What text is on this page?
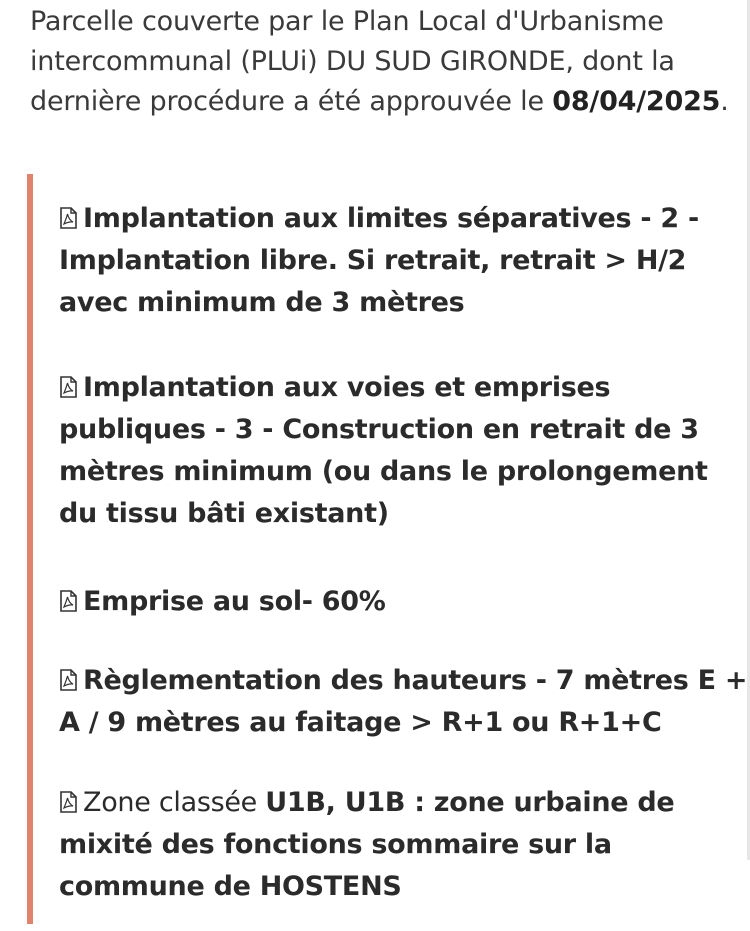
Parcelle couverte par le Plan Local d'Urbanisme intercommunal (PLUi) DU SUD GIRONDE, dont la dernière procédure a été approuvée le 08/04/2025.
Implantation aux limites séparatives - 2 - Implantation libre. Si retrait, retrait > H/2 avec minimum de 3 mètres
Implantation aux voies et emprises publiques - 3 - Construction en retrait de 3 mètres minimum (ou dans le prolongement du tissu bâti existant)
Emprise au sol- 60%
Règlementation des hauteurs - 7 mètres E + A / 9 mètres au faitage > R+1 ou R+1+C
Zone classée U1B, U1B : zone urbaine de mixité des fonctions sommaire sur la commune de HOSTENS
